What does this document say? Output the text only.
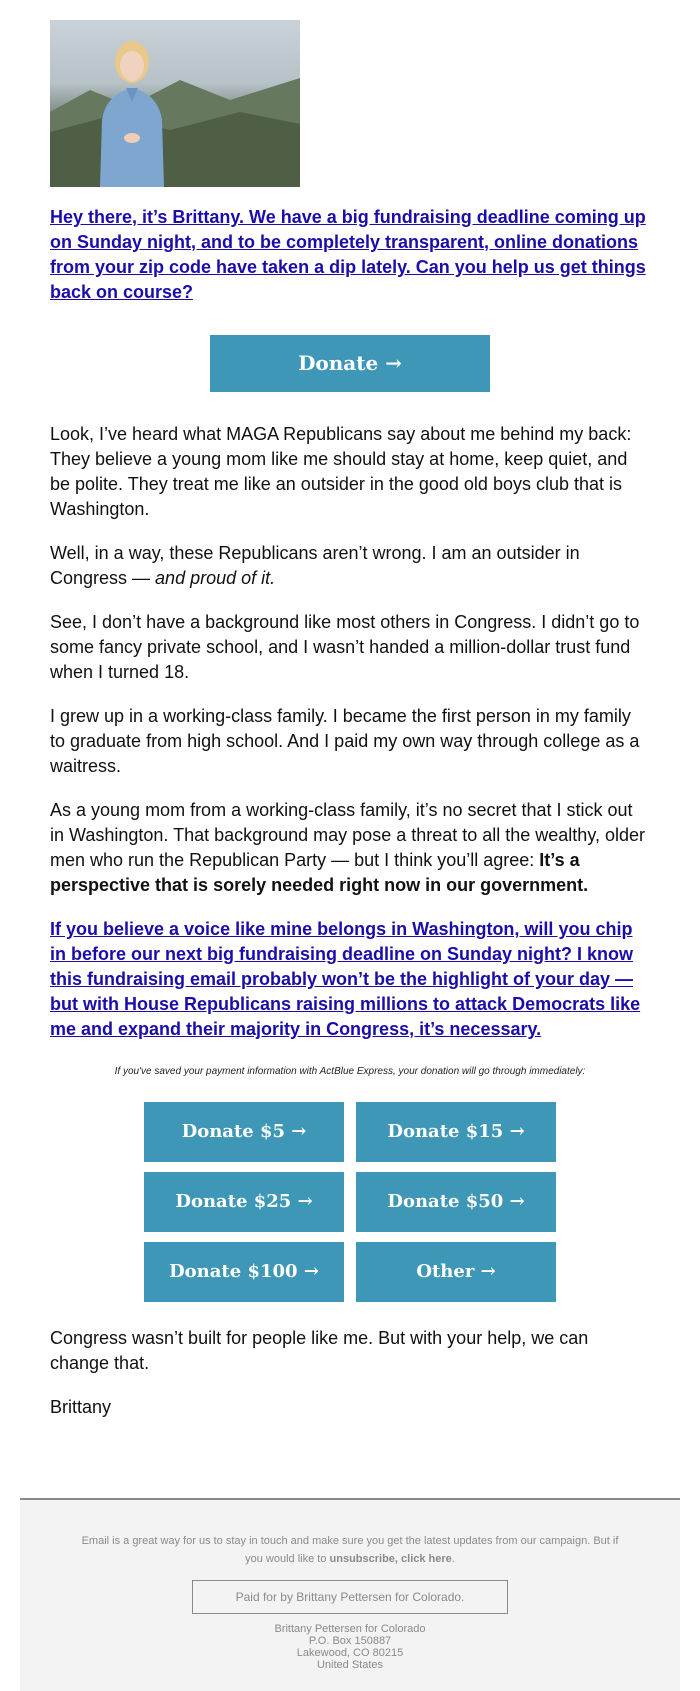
Hey there, it’s Brittany. We have a big fundraising deadline coming up on Sunday night, and to be completely transparent, online donations from your zip code have taken a dip lately. Can you help us get things back on course?
Donate →

Look, I’ve heard what MAGA Republicans say about me behind my back: They believe a young mom like me should stay at home, keep quiet, and be polite. They treat me like an outsider in the good old boys club that is Washington.

Well, in a way, these Republicans aren’t wrong. I am an outsider in Congress — and proud of it.

See, I don’t have a background like most others in Congress. I didn’t go to some fancy private school, and I wasn’t handed a million-dollar trust fund when I turned 18.

I grew up in a working-class family. I became the first person in my family to graduate from high school. And I paid my own way through college as a waitress.

As a young mom from a working-class family, it’s no secret that I stick out in Washington. That background may pose a threat to all the wealthy, older men who run the Republican Party — but I think you’ll agree: It’s a perspective that is sorely needed right now in our government.

If you believe a voice like mine belongs in Washington, will you chip in before our next big fundraising deadline on Sunday night? I know this fundraising email probably won’t be the highlight of your day — but with House Republicans raising millions to attack Democrats like me and expand their majority in Congress, it’s necessary.
If you've saved your payment information with ActBlue Express, your donation will go through immediately:
Donate $5 →	Donate $15 →
Donate $25 →	Donate $50 →
Donate $100 →	Other →

Congress wasn’t built for people like me. But with your help, we can change that.

Brittany

Email is a great way for us to stay in touch and make sure you get the latest updates from our campaign. But if you would like to unsubscribe, click here.
Paid for by Brittany Pettersen for Colorado.
Brittany Pettersen for Colorado
P.O. Box 150887
Lakewood, CO 80215
United States
